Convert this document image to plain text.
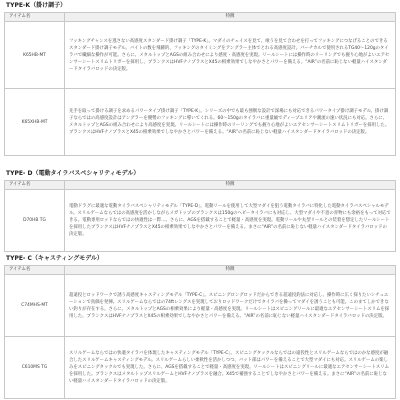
TYPE-K（掛け調子）
アイテム名	特徴
K65HB-MT	フッキングチャンスを逃さない高感度スタンダード掛け調子「TYPE-K」。マダイのチェイスを見て、喰うを見て合わせを打ってフッキングにつなげることのできるスタンダード掛け調子モデル。バイトの数を飛躍的、フッキングのタイミングをアングラー主体でとれる高感度設計。バーチカルで使用されるTG40～120gのタイラバで繊細な操作が可能。さらに、メタルトップとAGSの組み合わせにより感度・高感度を実現。リールシートには操作時のリーリングでも握り心地がよいエアセンサーシートスリムトリガーを採用し、ブランクスはHVFナノプラスとX45の相乗効果でしなやかさとパワーを備える。“AIR”の名前に恥じない軽量ハイスタンダードタイラバロッドの決定版。
K65XHB-MT	先手を取って掛ける調子を求めるパワータイプ掛け調子「TYPE-K」。シリーズの中でも最も強靭な設計で深場にも対応できるパワータイプ掛け調子モデル。掛け調子ならではの高感度設計はアングラーを優勢のフッキングに導いてくれる。60～150gのタイラバに重量級でディープエリアや潮流の速い状況にも対応。さらに、メタルトップとAGSの組み合わせにより高感度を実現。リールシートには操作時のリーリングでも握り心地がよいエアセンサーシートスリムトリガーを採用した。ブランクスはHVFナノプラスとX45の相乗効果でしなやかさとパワーを備える。“AIR”の名前に恥じない軽量ハイスタンダードタイラバロッドの決定版。
TYPE- D（電動タイラバスペシャリティモデル）
アイテム名	特徴
D70HB TG	電動ドラグに最適な電動タイラバスペシャリティモデル「TYPE-D」。電動リールを使用して大型マダイを狙う電動タイラバに特化した電動タイラバスペシャルモデル。スリルゲームならではの高感度を活かしながらメガトップのブランクスは150gのヘビータイラバにも対応し、大型マダイや不意の青物にも余裕をもって対応できる。電動専用ロッドならではの快適性は一際…。さらに、AGSを搭載することで軽量・高感度を実現。電動リールや丸型リールとの装着を想定したリールシートを採用したブランクスはHVFナノプラスとX45の相乗効果でしなやかさとパワーを備える。まさに“AIR”の名前に恥じない軽量ハイスタンダードタイラバロッドの決定版。
TYPE- C（キャスティングモデル）
アイテム名	特徴
C74MHS-MT	超遠投とロッドワークで誘う高感度キャスティングモデル「TYPE-C」。スピニングロングロッドだからできる超遠投釣法に対応し、操作時に広く探りたいシチュエーションで真価を発揮。スリルゲームならではの74ftレングスを実現しておりロッドワークだけでタイラバを操ってマダイを誘うことも可能。このまてしかできない釣りが存在する。さらに、メタルトップとAGSの相乗効果により軽量・高感度を実現。リールシートはスピニングリールに最適なエアセンサーシートスリムを採用した。ブランクスはHVFナノプラスとX45の相乗効果でしなやかさとパワーを備える。“AIR”の名前に恥じない軽量ハイスタンダードタイラバロッドの決定版。
C610MS TG	スリルゲームならではの快適タイラバを体現したキャスティングモデル「TYPE-C」。スピニングタックルならではの遠投性とスリルゲームならではのかな感度が融合したスリルゲームキャスティングモデル。スリルゲームらしい柔軟性を活かしつつ、バット部はパワーを備えることで大型マダイにも対応。スリルゲームの楽しみをスピニングタックルでも実現した。さらに、AGSを搭載することで軽量・高感度を実現。リールシートはスピニングリールに最適なエアセンサーシートスリムを採用した。ブランクスはメタルトップスリルゲームとHVFナノプラスを融合。X45で補強することでしなやかさとパワーを備える。まさに“AIR”の名前に恥じない軽量ハイスタンダードタイラバロッドの決定版。
